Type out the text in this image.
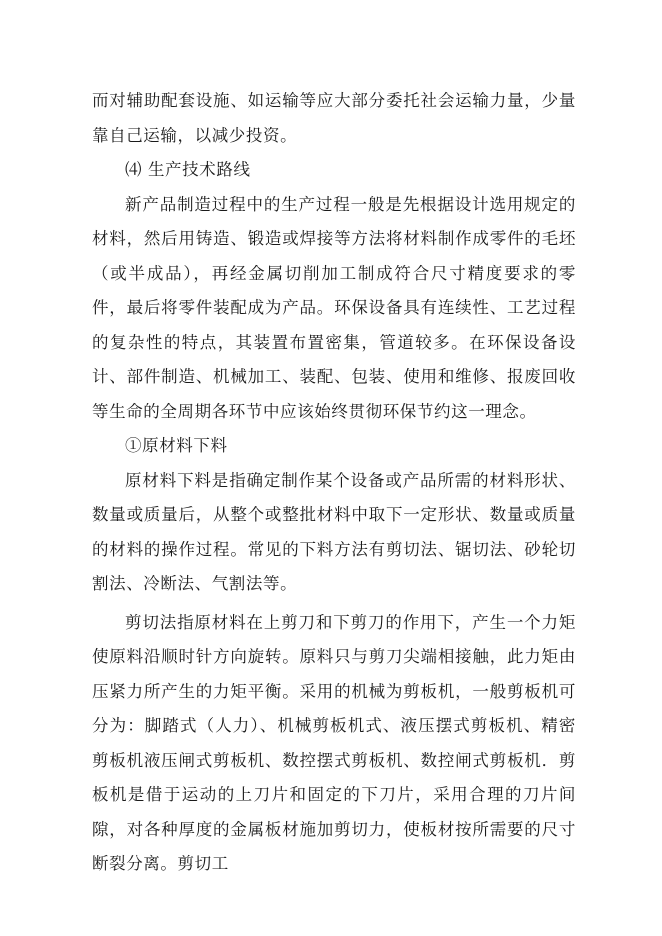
而对辅助配套设施、如运输等应大部分委托社会运输力量，少量靠自己运输，以减少投资。

⑷ 生产技术路线

新产品制造过程中的生产过程一般是先根据设计选用规定的材料，然后用铸造、锻造或焊接等方法将材料制作成零件的毛坯（或半成品），再经金属切削加工制成符合尺寸精度要求的零件，最后将零件装配成为产品。环保设备具有连续性、工艺过程的复杂性的特点，其装置布置密集，管道较多。在环保设备设计、部件制造、机械加工、装配、包装、使用和维修、报废回收等生命的全周期各环节中应该始终贯彻环保节约这一理念。

①原材料下料

原材料下料是指确定制作某个设备或产品所需的材料形状、数量或质量后，从整个或整批材料中取下一定形状、数量或质量的材料的操作过程。常见的下料方法有剪切法、锯切法、砂轮切割法、冷断法、气割法等。

剪切法指原材料在上剪刀和下剪刀的作用下，产生一个力矩使原料沿顺时针方向旋转。原料只与剪刀尖端相接触，此力矩由压紧力所产生的力矩平衡。采用的机械为剪板机，一般剪板机可分为：脚踏式（人力）、机械剪板机式、液压摆式剪板机、精密剪板机液压闸式剪板机、数控摆式剪板机、数控闸式剪板机．剪板机是借于运动的上刀片和固定的下刀片，采用合理的刀片间隙，对各种厚度的金属板材施加剪切力，使板材按所需要的尺寸断裂分离。剪切工
